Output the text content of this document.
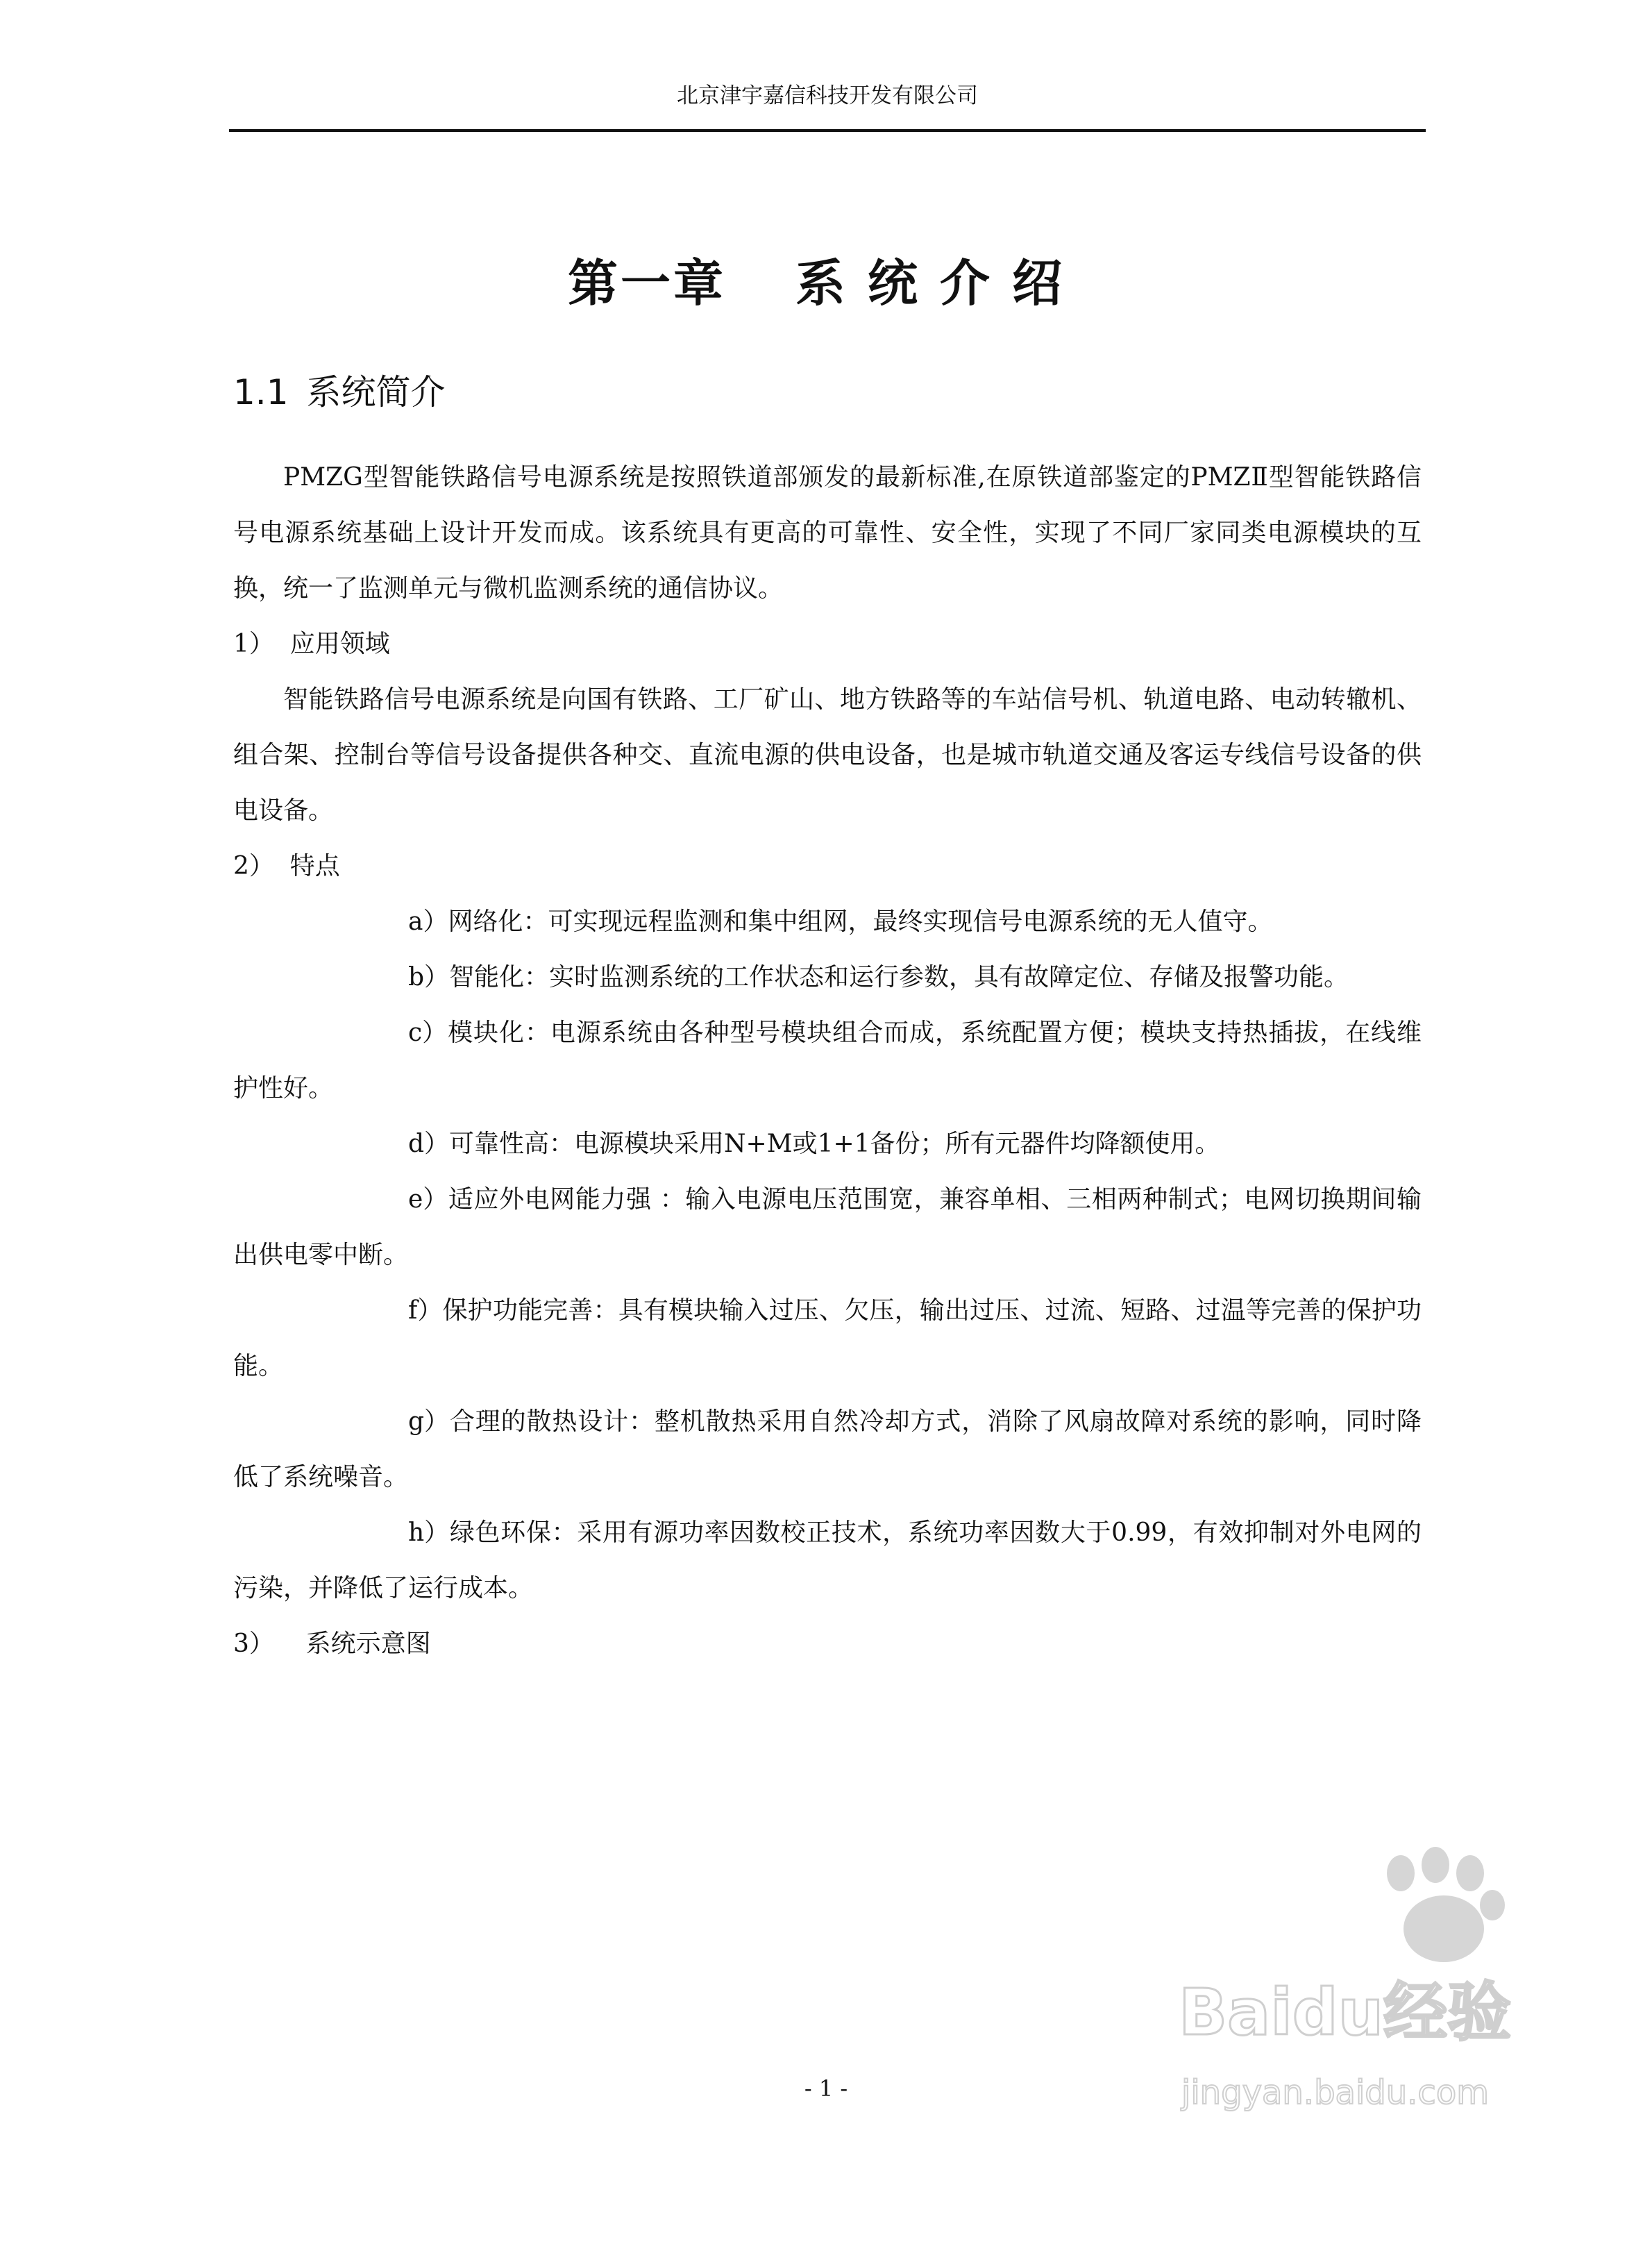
北京津宇嘉信科技开发有限公司
第一章 系统介绍
1.1 系统简介

PMZG型智能铁路信号电源系统是按照铁道部颁发的最新标准,在原铁道部鉴定的PMZⅡ型智能铁路信号电源系统基础上设计开发而成。该系统具有更高的可靠性、安全性，实现了不同厂家同类电源模块的互换，统一了监测单元与微机监测系统的通信协议。

1）  应用领域

智能铁路信号电源系统是向国有铁路、工厂矿山、地方铁路等的车站信号机、轨道电路、电动转辙机、组合架、控制台等信号设备提供各种交、直流电源的供电设备，也是城市轨道交通及客运专线信号设备的供电设备。

2）  特点

a）网络化：可实现远程监测和集中组网，最终实现信号电源系统的无人值守。

b）智能化：实时监测系统的工作状态和运行参数，具有故障定位、存储及报警功能。

c）模块化：电源系统由各种型号模块组合而成，系统配置方便；模块支持热插拔，在线维护性好。

d）可靠性高：电源模块采用N+M或1+1备份；所有元器件均降额使用。

e）适应外电网能力强 ：输入电源电压范围宽，兼容单相、三相两种制式；电网切换期间输出供电零中断。

f）保护功能完善：具有模块输入过压、欠压，输出过压、过流、短路、过温等完善的保护功能。

g）合理的散热设计：整机散热采用自然冷却方式，消除了风扇故障对系统的影响，同时降低了系统噪音。

h）绿色环保：采用有源功率因数校正技术，系统功率因数大于0.99，有效抑制对外电网的污染，并降低了运行成本。

3）    系统示意图

- 1 -
Baidu经验
jingyan.baidu.com
